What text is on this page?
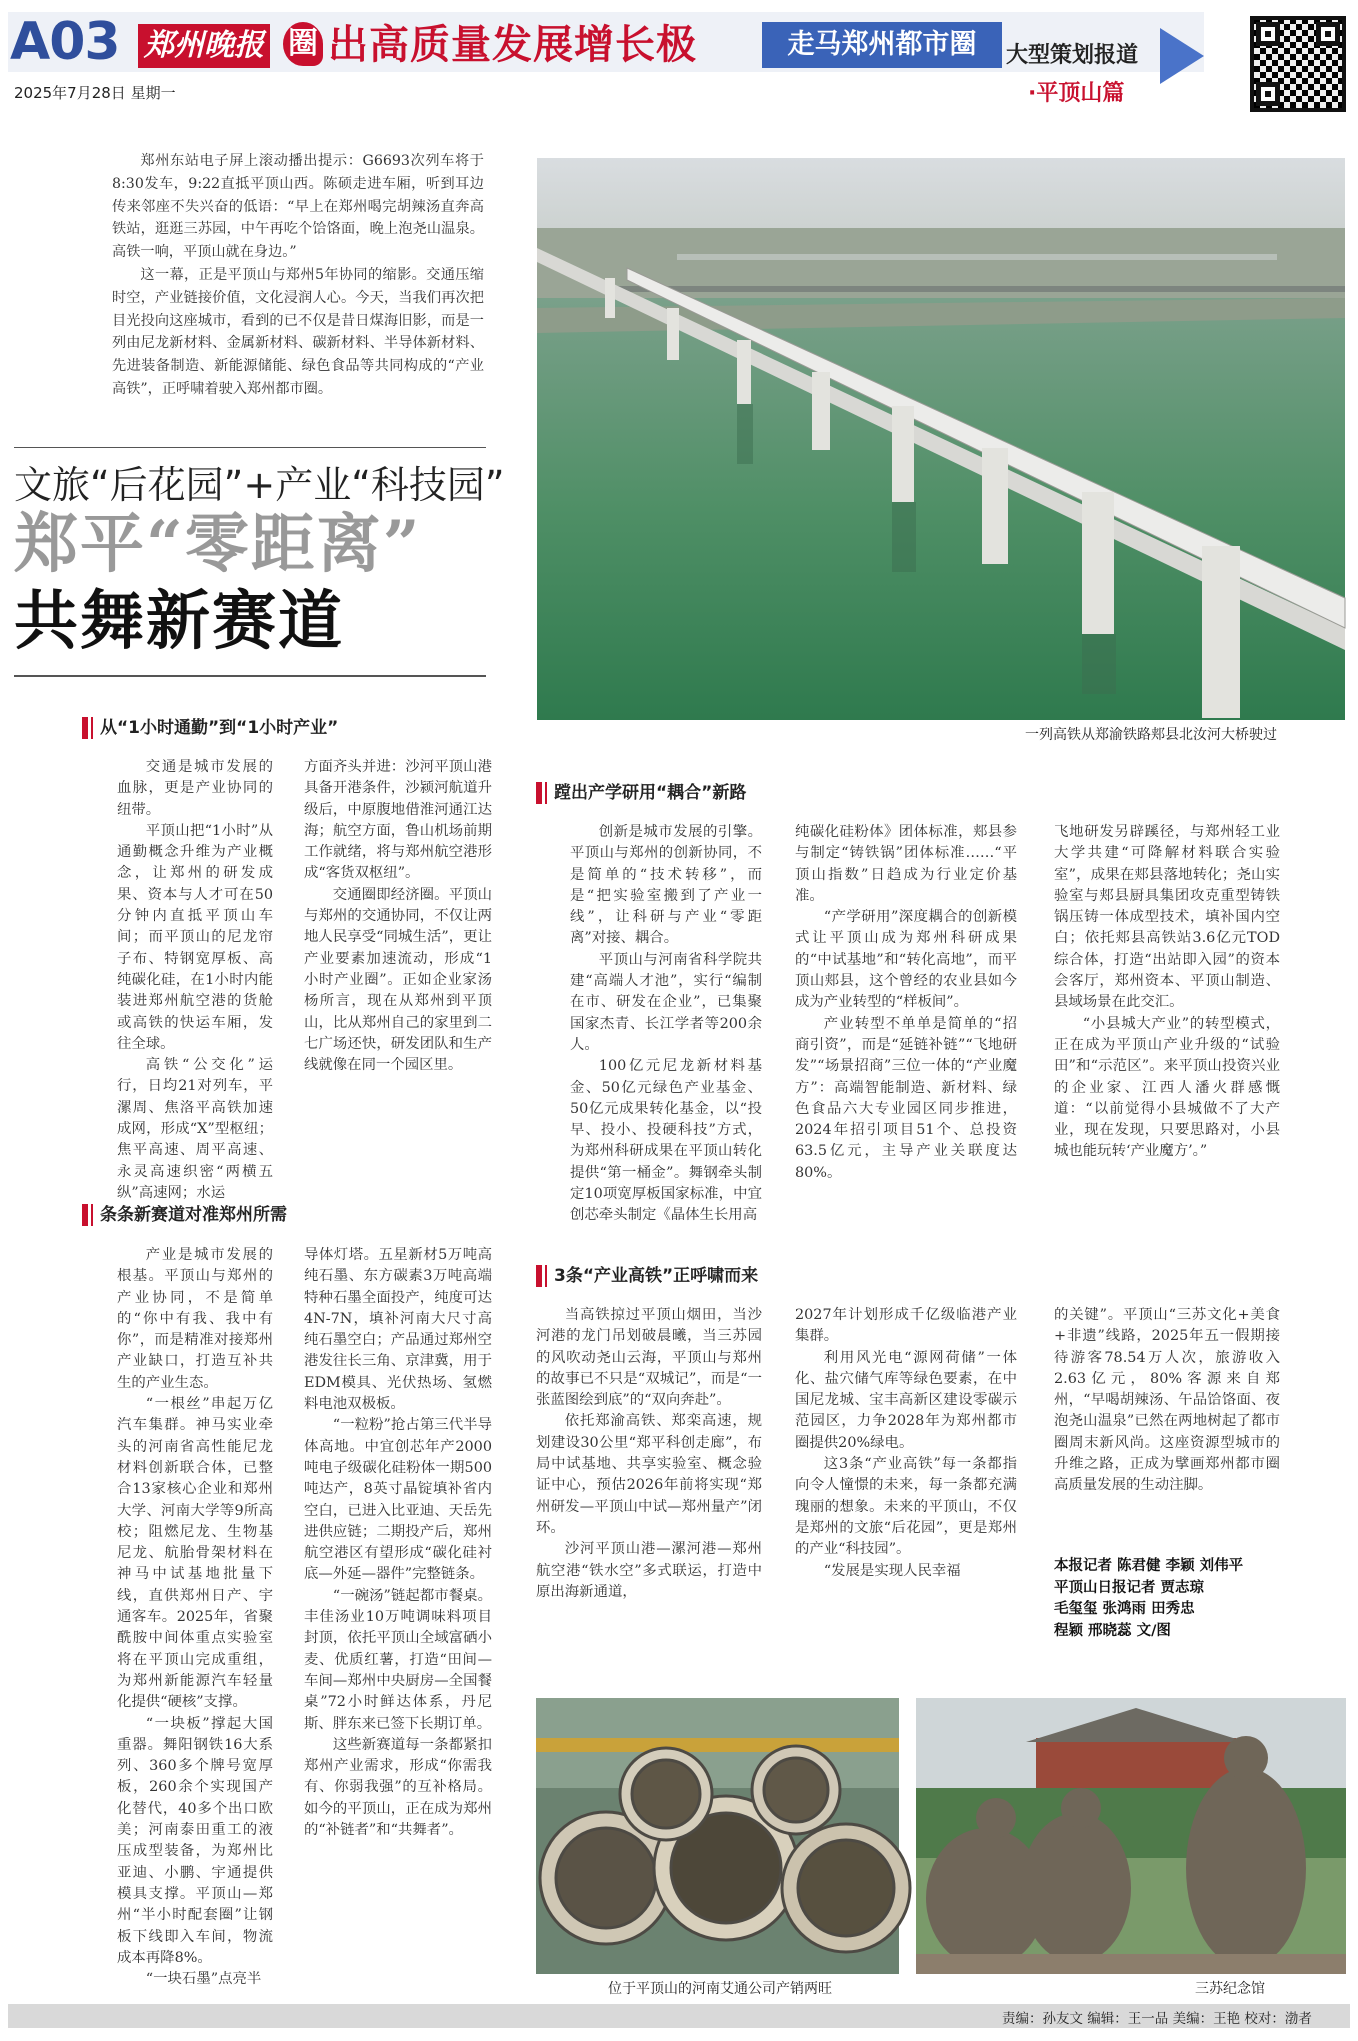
A03 郑州晚报 圈 出高质量发展增长极	走马郑州都市圈	大型策划报道
·平顶山篇
2025年7月28日 星期一

郑州东站电子屏上滚动播出提示：G6693次列车将于8:30发车，9:22直抵平顶山西。陈硕走进车厢，听到耳边传来邻座不失兴奋的低语：“早上在郑州喝完胡辣汤直奔高铁站，逛逛三苏园，中午再吃个饸饹面，晚上泡尧山温泉。高铁一响，平顶山就在身边。”

这一幕，正是平顶山与郑州5年协同的缩影。交通压缩时空，产业链接价值，文化浸润人心。今天，当我们再次把目光投向这座城市，看到的已不仅是昔日煤海旧影，而是一列由尼龙新材料、金属新材料、碳新材料、半导体新材料、先进装备制造、新能源储能、绿色食品等共同构成的“产业高铁”，正呼啸着驶入郑州都市圈。

文旅“后花园”+产业“科技园”
郑平“零距离”
共舞新赛道
一列高铁从郑渝铁路郏县北汝河大桥驶过
从“1小时通勤”到“1小时产业”

交通是城市发展的血脉，更是产业协同的纽带。

平顶山把“1小时”从通勤概念升维为产业概念，让郑州的研发成果、资本与人才可在50分钟内直抵平顶山车间；而平顶山的尼龙帘子布、特钢宽厚板、高纯碳化硅，在1小时内能装进郑州航空港的货舱或高铁的快运车厢，发往全球。

高铁“公交化”运行，日均21对列车，平漯周、焦洛平高铁加速成网，形成“X”型枢纽；焦平高速、周平高速、永灵高速织密“两横五纵”高速网；水运

方面齐头并进：沙河平顶山港具备开港条件，沙颍河航道升级后，中原腹地借淮河通江达海；航空方面，鲁山机场前期工作就绪，将与郑州航空港形成“客货双枢纽”。

交通圈即经济圈。平顶山与郑州的交通协同，不仅让两地人民享受“同城生活”，更让产业要素加速流动，形成“1小时产业圈”。正如企业家汤杨所言，现在从郑州到平顶山，比从郑州自己的家里到二七广场还快，研发团队和生产线就像在同一个园区里。

条条新赛道对准郑州所需

产业是城市发展的根基。平顶山与郑州的产业协同，不是简单的“你中有我、我中有你”，而是精准对接郑州产业缺口，打造互补共生的产业生态。

“一根丝”串起万亿汽车集群。神马实业牵头的河南省高性能尼龙材料创新联合体，已整合13家核心企业和郑州大学、河南大学等9所高校；阻燃尼龙、生物基尼龙、航胎骨架材料在神马中试基地批量下线，直供郑州日产、宇通客车。2025年，省聚酰胺中间体重点实验室将在平顶山完成重组，为郑州新能源汽车轻量化提供“硬核”支撑。

“一块板”撑起大国重器。舞阳钢铁16大系列、360多个牌号宽厚板，260余个实现国产化替代，40多个出口欧美；河南泰田重工的液压成型装备，为郑州比亚迪、小鹏、宇通提供模具支撑。平顶山—郑州“半小时配套圈”让钢板下线即入车间，物流成本再降8%。

“一块石墨”点亮半

导体灯塔。五星新材5万吨高纯石墨、东方碳素3万吨高端特种石墨全面投产，纯度可达4N-7N，填补河南大尺寸高纯石墨空白；产品通过郑州空港发往长三角、京津冀，用于EDM模具、光伏热场、氢燃料电池双极板。

“一粒粉”抢占第三代半导体高地。中宜创芯年产2000吨电子级碳化硅粉体一期500吨达产，8英寸晶锭填补省内空白，已进入比亚迪、天岳先进供应链；二期投产后，郑州航空港区有望形成“碳化硅衬底—外延—器件”完整链条。

“一碗汤”链起都市餐桌。丰佳汤业10万吨调味料项目封顶，依托平顶山全域富硒小麦、优质红薯，打造“田间—车间—郑州中央厨房—全国餐桌”72小时鲜达体系，丹尼斯、胖东来已签下长期订单。

这些新赛道每一条都紧扣郑州产业需求，形成“你需我有、你弱我强”的互补格局。如今的平顶山，正在成为郑州的“补链者”和“共舞者”。

蹚出产学研用“耦合”新路

创新是城市发展的引擎。平顶山与郑州的创新协同，不是简单的“技术转移”，而是“把实验室搬到了产业一线”，让科研与产业“零距离”对接、耦合。

平顶山与河南省科学院共建“高端人才池”，实行“编制在市、研发在企业”，已集聚国家杰青、长江学者等200余人。

100亿元尼龙新材料基金、50亿元绿色产业基金、50亿元成果转化基金，以“投早、投小、投硬科技”方式，为郑州科研成果在平顶山转化提供“第一桶金”。舞钢牵头制定10项宽厚板国家标准，中宜创芯牵头制定《晶体生长用高

纯碳化硅粉体》团体标准，郏县参与制定“铸铁锅”团体标准……“平顶山指数”日趋成为行业定价基准。

“产学研用”深度耦合的创新模式让平顶山成为郑州科研成果的“中试基地”和“转化高地”，而平顶山郏县，这个曾经的农业县如今成为产业转型的“样板间”。

产业转型不单单是简单的“招商引资”，而是“延链补链”“飞地研发”“场景招商”三位一体的“产业魔方”：高端智能制造、新材料、绿色食品六大专业园区同步推进，2024年招引项目51个、总投资63.5亿元，主导产业关联度达80%。

飞地研发另辟蹊径，与郑州轻工业大学共建“可降解材料联合实验室”，成果在郏县落地转化；尧山实验室与郏县厨具集团攻克重型铸铁锅压铸一体成型技术，填补国内空白；依托郏县高铁站3.6亿元TOD综合体，打造“出站即入园”的资本会客厅，郑州资本、平顶山制造、县域场景在此交汇。

“小县城大产业”的转型模式，正在成为平顶山产业升级的“试验田”和“示范区”。来平顶山投资兴业的企业家、江西人潘火群感慨道：“以前觉得小县城做不了大产业，现在发现，只要思路对，小县城也能玩转‘产业魔方’。”

3条“产业高铁”正呼啸而来

当高铁掠过平顶山烟田，当沙河港的龙门吊划破晨曦，当三苏园的风吹动尧山云海，平顶山与郑州的故事已不只是“双城记”，而是“一张蓝图绘到底”的“双向奔赴”。

依托郑渝高铁、郑栾高速，规划建设30公里“郑平科创走廊”，布局中试基地、共享实验室、概念验证中心，预估2026年前将实现“郑州研发—平顶山中试—郑州量产”闭环。

沙河平顶山港—漯河港—郑州航空港“铁水空”多式联运，打造中原出海新通道，

2027年计划形成千亿级临港产业集群。

利用风光电“源网荷储”一体化、盐穴储气库等绿色要素，在中国尼龙城、宝丰高新区建设零碳示范园区，力争2028年为郑州都市圈提供20%绿电。

这3条“产业高铁”每一条都指向令人憧憬的未来，每一条都充满瑰丽的想象。未来的平顶山，不仅是郑州的文旅“后花园”，更是郑州的产业“科技园”。

“发展是实现人民幸福

的关键”。平顶山“三苏文化+美食+非遗”线路，2025年五一假期接待游客78.54万人次，旅游收入2.63亿元，80%客源来自郑州，“早喝胡辣汤、午品饸饹面、夜泡尧山温泉”已然在两地树起了都市圈周末新风尚。这座资源型城市的升维之路，正成为擘画郑州都市圈高质量发展的生动注脚。

本报记者 陈君健 李颖 刘伟平
平顶山日报记者 贾志琼
毛玺玺 张鸿雨 田秀忠
程颖 邢晓蕊 文/图
位于平顶山的河南艾通公司产销两旺	三苏纪念馆
责编：孙友文 编辑：王一品 美编：王艳 校对：渤者
